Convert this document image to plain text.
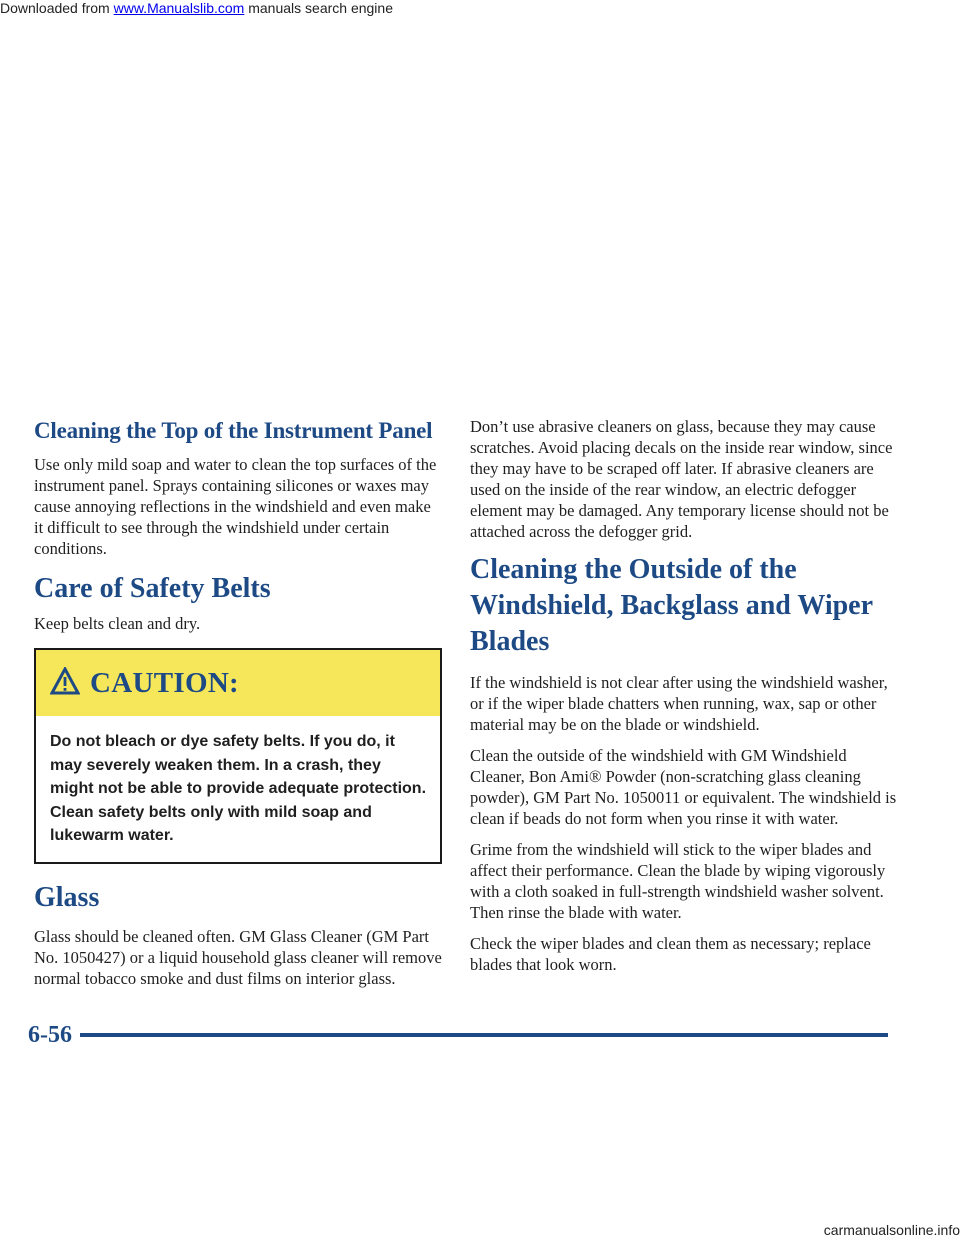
Downloaded from www.Manualslib.com manuals search engine
Cleaning the Top of the Instrument Panel

Use only mild soap and water to clean the top surfaces of the instrument panel. Sprays containing silicones or waxes may cause annoying reflections in the windshield and even make it difficult to see through the windshield under certain conditions.

Care of Safety Belts

Keep belts clean and dry.

CAUTION:

Do not bleach or dye safety belts. If you do, it may severely weaken them. In a crash, they might not be able to provide adequate protection. Clean safety belts only with mild soap and lukewarm water.

Glass

Glass should be cleaned often. GM Glass Cleaner (GM Part No. 1050427) or a liquid household glass cleaner will remove normal tobacco smoke and dust films on interior glass.

Don’t use abrasive cleaners on glass, because they may cause scratches. Avoid placing decals on the inside rear window, since they may have to be scraped off later. If abrasive cleaners are used on the inside of the rear window, an electric defogger element may be damaged. Any temporary license should not be attached across the defogger grid.

Cleaning the Outside of the Windshield, Backglass and Wiper Blades

If the windshield is not clear after using the windshield washer, or if the wiper blade chatters when running, wax, sap or other material may be on the blade or windshield.

Clean the outside of the windshield with GM Windshield Cleaner, Bon Ami® Powder (non-scratching glass cleaning powder), GM Part No. 1050011 or equivalent. The windshield is clean if beads do not form when you rinse it with water.

Grime from the windshield will stick to the wiper blades and affect their performance. Clean the blade by wiping vigorously with a cloth soaked in full-strength windshield washer solvent. Then rinse the blade with water.

Check the wiper blades and clean them as necessary; replace blades that look worn.

6-56
carmanualsonline.info
